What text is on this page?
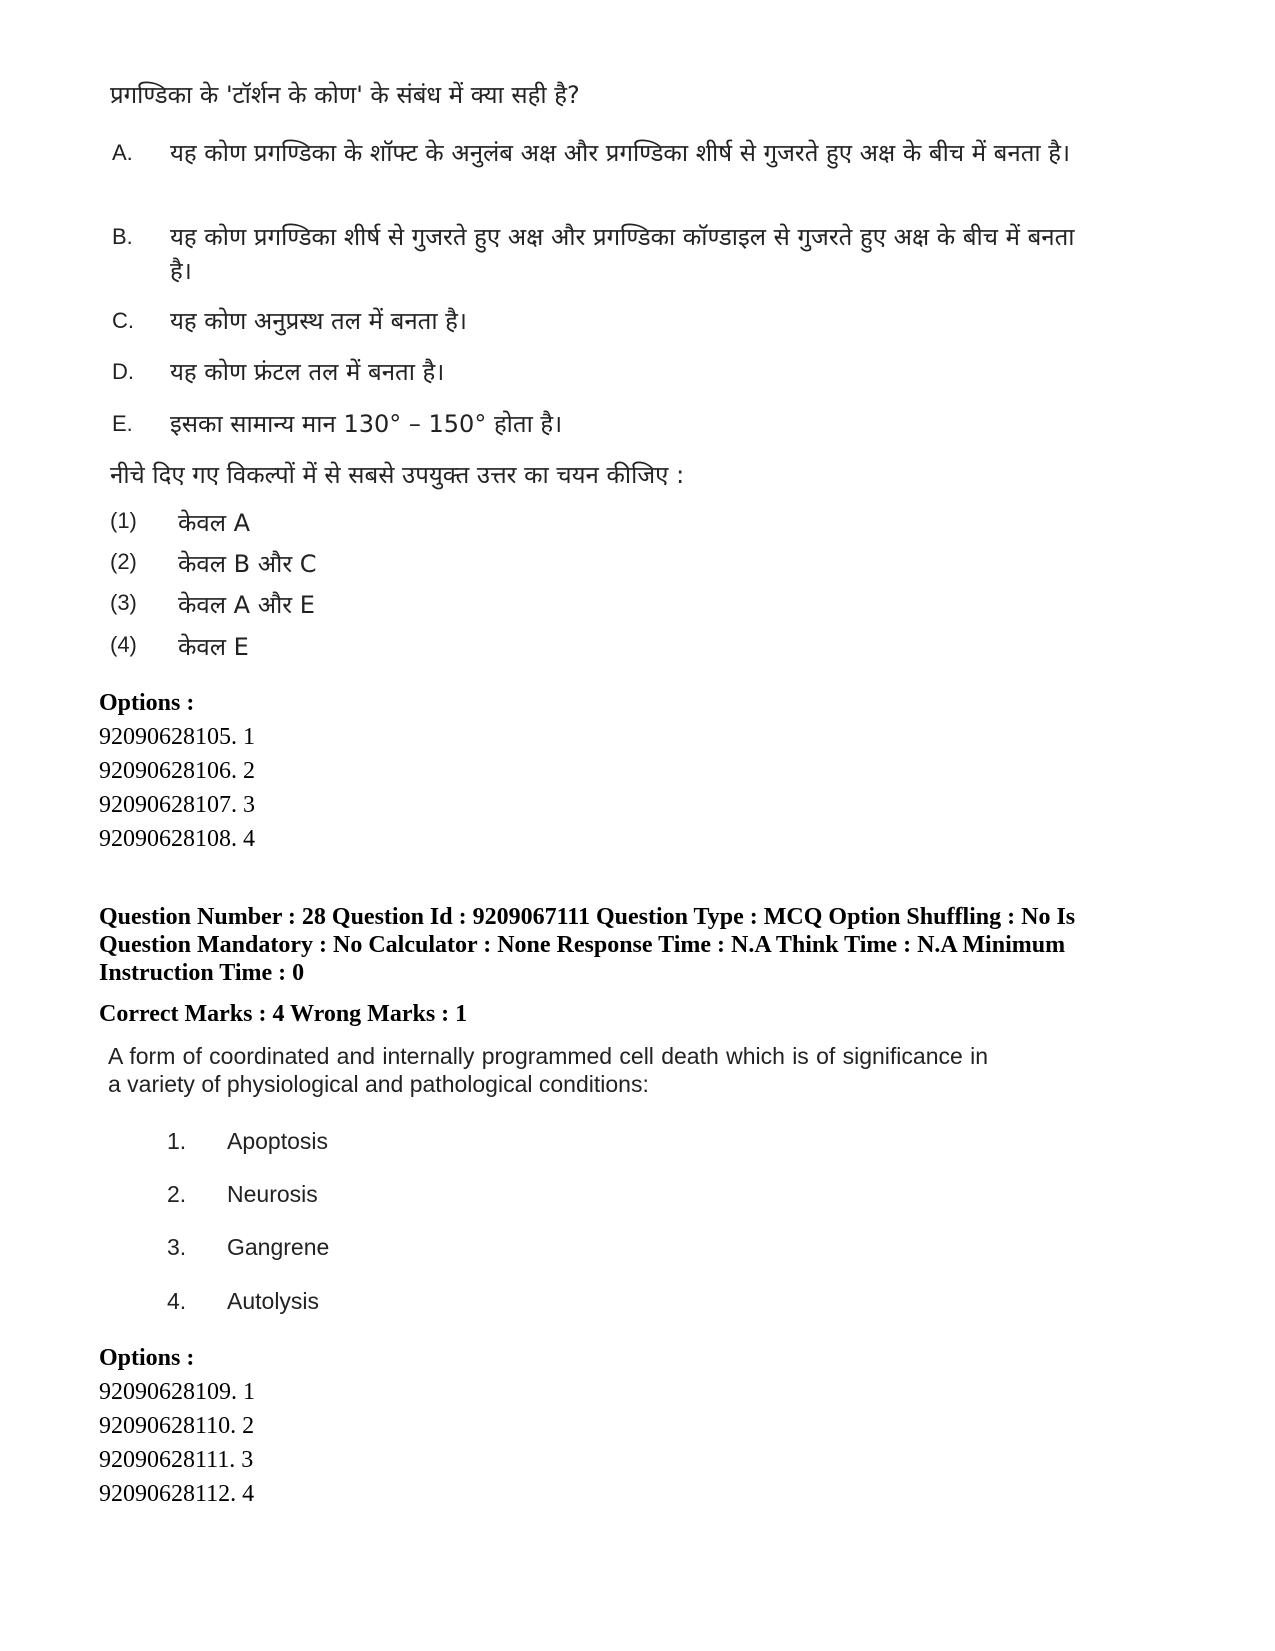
प्रगण्डिका के 'टॉर्शन के कोण' के संबंध में क्या सही है?
A. यह कोण प्रगण्डिका के शॉफ्ट के अनुलंब अक्ष और प्रगण्डिका शीर्ष से गुजरते हुए अक्ष के बीच में बनता है।
B. यह कोण प्रगण्डिका शीर्ष से गुजरते हुए अक्ष और प्रगण्डिका कॉण्डाइल से गुजरते हुए अक्ष के बीच में बनता है।
C. यह कोण अनुप्रस्थ तल में बनता है।
D. यह कोण फ्रंटल तल में बनता है।
E. इसका सामान्य मान 130° – 150° होता है।
नीचे दिए गए विकल्पों में से सबसे उपयुक्त उत्तर का चयन कीजिए :
(1) केवल A
(2) केवल B और C
(3) केवल A और E
(4) केवल E
Options :
92090628105. 1
92090628106. 2
92090628107. 3
92090628108. 4
Question Number : 28 Question Id : 9209067111 Question Type : MCQ Option Shuffling : No Is Question Mandatory : No Calculator : None Response Time : N.A Think Time : N.A Minimum Instruction Time : 0
Correct Marks : 4 Wrong Marks : 1
A form of coordinated and internally programmed cell death which is of significance in a variety of physiological and pathological conditions:
1. Apoptosis
2. Neurosis
3. Gangrene
4. Autolysis
Options :
92090628109. 1
92090628110. 2
92090628111. 3
92090628112. 4
